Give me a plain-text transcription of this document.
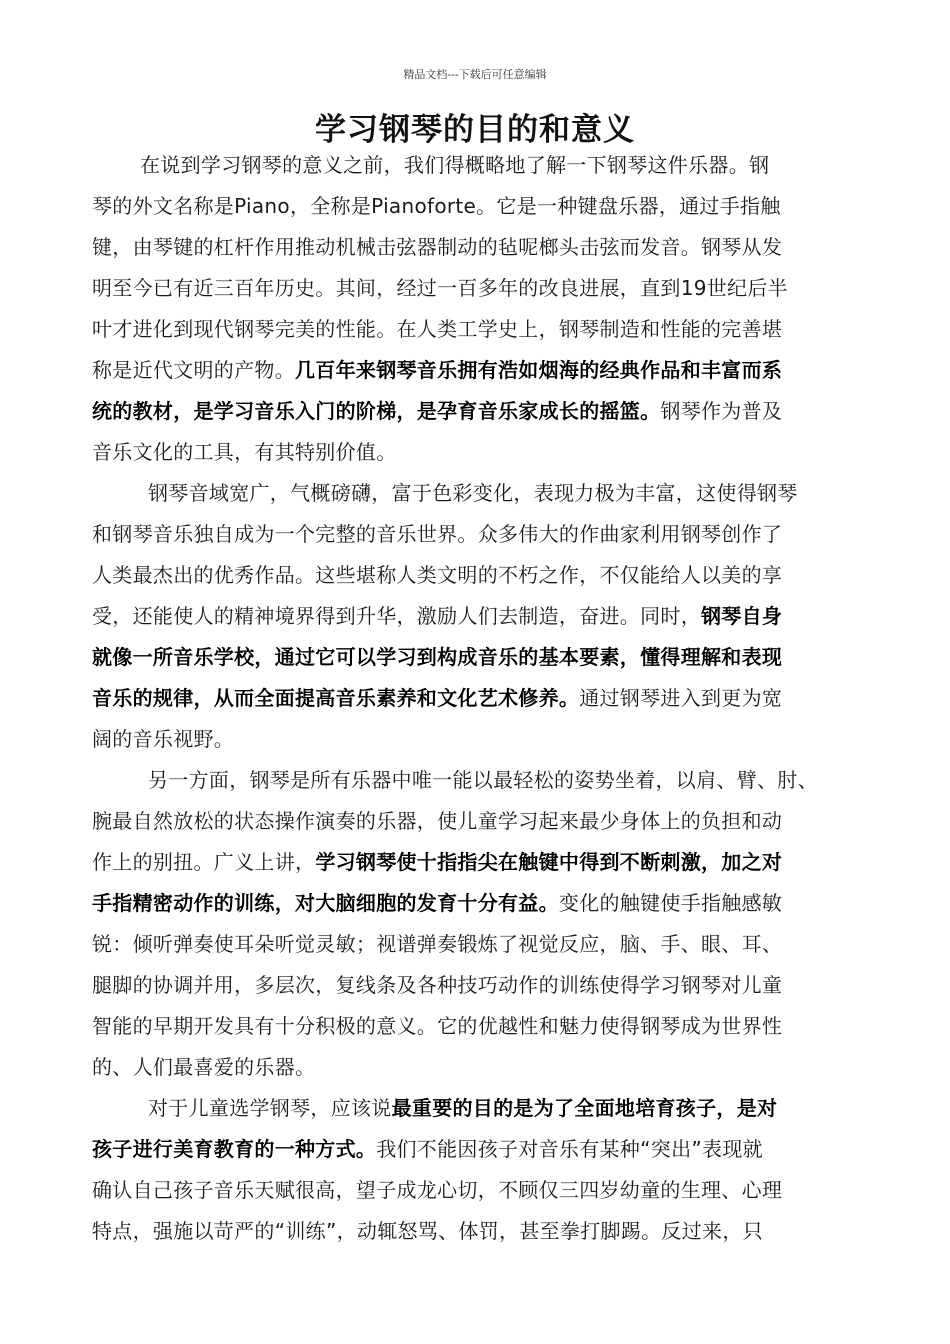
精品文档---下载后可任意编辑
学习钢琴的目的和意义
在说到学习钢琴的意义之前，我们得概略地了解一下钢琴这件乐器。钢
琴的外文名称是Piano，全称是Pianoforte。它是一种键盘乐器，通过手指触
键，由琴键的杠杆作用推动机械击弦器制动的毡呢榔头击弦而发音。钢琴从发
明至今已有近三百年历史。其间，经过一百多年的改良进展，直到19世纪后半
叶才进化到现代钢琴完美的性能。在人类工学史上，钢琴制造和性能的完善堪
称是近代文明的产物。几百年来钢琴音乐拥有浩如烟海的经典作品和丰富而系
统的教材，是学习音乐入门的阶梯，是孕育音乐家成长的摇篮。钢琴作为普及
音乐文化的工具，有其特别价值。
钢琴音域宽广，气概磅礴，富于色彩变化，表现力极为丰富，这使得钢琴
和钢琴音乐独自成为一个完整的音乐世界。众多伟大的作曲家利用钢琴创作了
人类最杰出的优秀作品。这些堪称人类文明的不朽之作，不仅能给人以美的享
受，还能使人的精神境界得到升华，激励人们去制造，奋进。同时，钢琴自身
就像一所音乐学校，通过它可以学习到构成音乐的基本要素，懂得理解和表现
音乐的规律，从而全面提高音乐素养和文化艺术修养。通过钢琴进入到更为宽
阔的音乐视野。
另一方面，钢琴是所有乐器中唯一能以最轻松的姿势坐着，以肩、臂、肘、
腕最自然放松的状态操作演奏的乐器，使儿童学习起来最少身体上的负担和动
作上的别扭。广义上讲，学习钢琴使十指指尖在触键中得到不断刺激，加之对
手指精密动作的训练，对大脑细胞的发育十分有益。变化的触键使手指触感敏
锐：倾听弹奏使耳朵听觉灵敏；视谱弹奏锻炼了视觉反应，脑、手、眼、耳、
腿脚的协调并用，多层次，复线条及各种技巧动作的训练使得学习钢琴对儿童
智能的早期开发具有十分积极的意义。它的优越性和魅力使得钢琴成为世界性
的、人们最喜爱的乐器。
对于儿童选学钢琴，应该说最重要的目的是为了全面地培育孩子，是对
孩子进行美育教育的一种方式。我们不能因孩子对音乐有某种“突出”表现就
确认自己孩子音乐天赋很高，望子成龙心切，不顾仅三四岁幼童的生理、心理
特点，强施以苛严的“训练”，动辄怒骂、体罚，甚至拳打脚踢。反过来，只
